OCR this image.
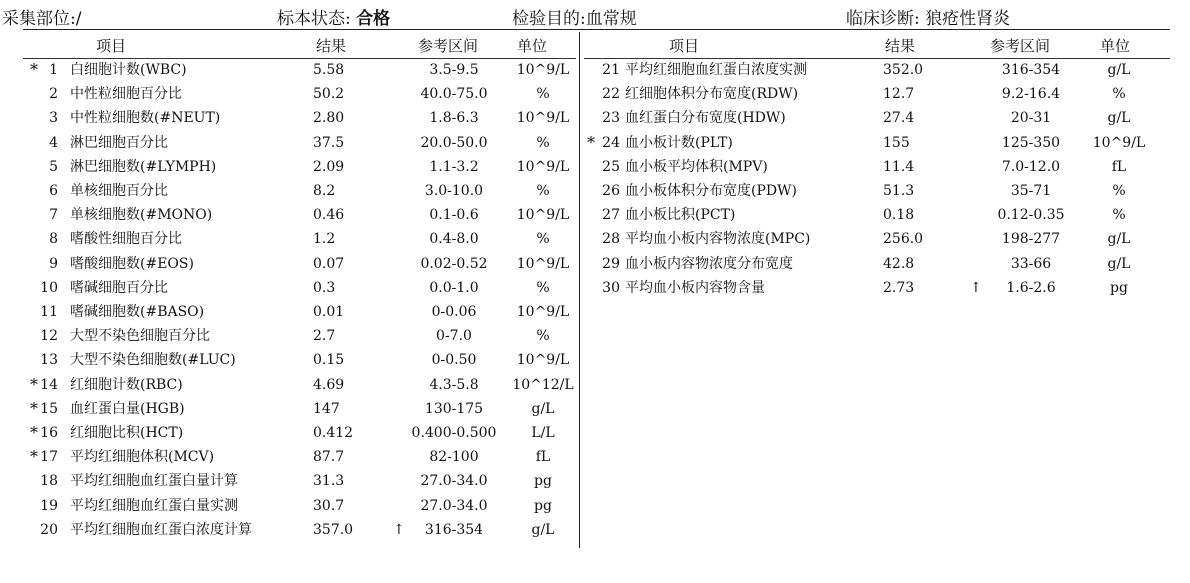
采集部位:/	标本状态: 合格	检验目的:血常规	临床诊断: 狼疮性肾炎
项目	结果	参考区间	单位	项目	结果	参考区间	单位
* 1 白细胞计数(WBC)	5.58	3.5-9.5	10^9/L
2 中性粒细胞百分比	50.2	40.0-75.0	%
3 中性粒细胞数(#NEUT)	2.80	1.8-6.3	10^9/L
4 淋巴细胞百分比	37.5	20.0-50.0	%
5 淋巴细胞数(#LYMPH)	2.09	1.1-3.2	10^9/L
6 单核细胞百分比	8.2	3.0-10.0	%
7 单核细胞数(#MONO)	0.46	0.1-0.6	10^9/L
8 嗜酸性细胞百分比	1.2	0.4-8.0	%
9 嗜酸细胞数(#EOS)	0.07	0.02-0.52	10^9/L
10 嗜碱细胞百分比	0.3	0.0-1.0	%
11 嗜碱细胞数(#BASO)	0.01	0-0.06	10^9/L
12 大型不染色细胞百分比	2.7	0-7.0	%
13 大型不染色细胞数(#LUC)	0.15	0-0.50	10^9/L
* 14 红细胞计数(RBC)	4.69	4.3-5.8	10^12/L
* 15 血红蛋白量(HGB)	147	130-175	g/L
* 16 红细胞比积(HCT)	0.412	0.400-0.500	L/L
* 17 平均红细胞体积(MCV)	87.7	82-100	fL
18 平均红细胞血红蛋白量计算	31.3	27.0-34.0	pg
19 平均红细胞血红蛋白量实测	30.7	27.0-34.0	pg
20 平均红细胞血红蛋白浓度计算	357.0	↑	316-354	g/L
21 平均红细胞血红蛋白浓度实测	352.0	316-354	g/L
22 红细胞体积分布宽度(RDW)	12.7	9.2-16.4	%
23 血红蛋白分布宽度(HDW)	27.4	20-31	g/L
* 24 血小板计数(PLT)	155	125-350	10^9/L
25 血小板平均体积(MPV)	11.4	7.0-12.0	fL
26 血小板体积分布宽度(PDW)	51.3	35-71	%
27 血小板比积(PCT)	0.18	0.12-0.35	%
28 平均血小板内容物浓度(MPC)	256.0	198-277	g/L
29 血小板内容物浓度分布宽度	42.8	33-66	g/L
30 平均血小板内容物含量	2.73	↑	1.6-2.6	pg
